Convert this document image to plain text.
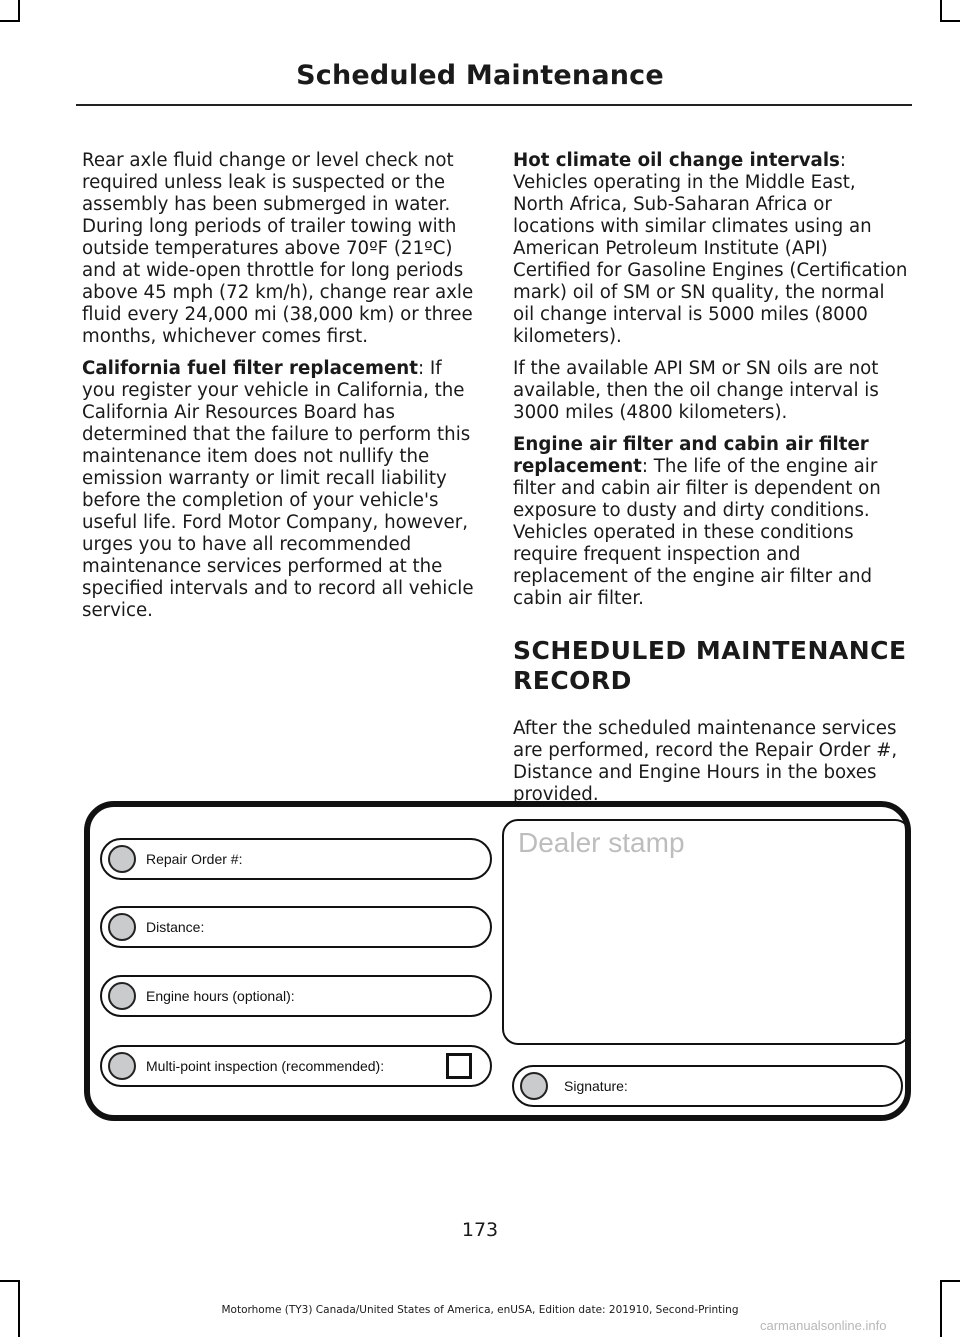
Scheduled Maintenance

Rear axle fluid change or level check not required unless leak is suspected or the assembly has been submerged in water. During long periods of trailer towing with outside temperatures above 70ºF (21ºC) and at wide-open throttle for long periods above 45 mph (72 km/h), change rear axle fluid every 24,000 mi (38,000 km) or three months, whichever comes first.

California fuel filter replacement: If you register your vehicle in California, the California Air Resources Board has determined that the failure to perform this maintenance item does not nullify the emission warranty or limit recall liability before the completion of your vehicle's useful life. Ford Motor Company, however, urges you to have all recommended maintenance services performed at the specified intervals and to record all vehicle service.

Hot climate oil change intervals: Vehicles operating in the Middle East, North Africa, Sub-Saharan Africa or locations with similar climates using an American Petroleum Institute (API) Certified for Gasoline Engines (Certification mark) oil of SM or SN quality, the normal oil change interval is 5000 miles (8000 kilometers).

If the available API SM or SN oils are not available, then the oil change interval is 3000 miles (4800 kilometers).

Engine air filter and cabin air filter replacement: The life of the engine air filter and cabin air filter is dependent on exposure to dusty and dirty conditions. Vehicles operated in these conditions require frequent inspection and replacement of the engine air filter and cabin air filter.

SCHEDULED MAINTENANCE
RECORD

After the scheduled maintenance services are performed, record the Repair Order #, Distance and Engine Hours in the boxes provided.

Repair Order #:
Distance:
Engine hours (optional):
Multi-point inspection (recommended):
Dealer stamp
Signature:
173
Motorhome (TY3) Canada/United States of America, enUSA, Edition date: 201910, Second-Printing
carmanualsonline.info
